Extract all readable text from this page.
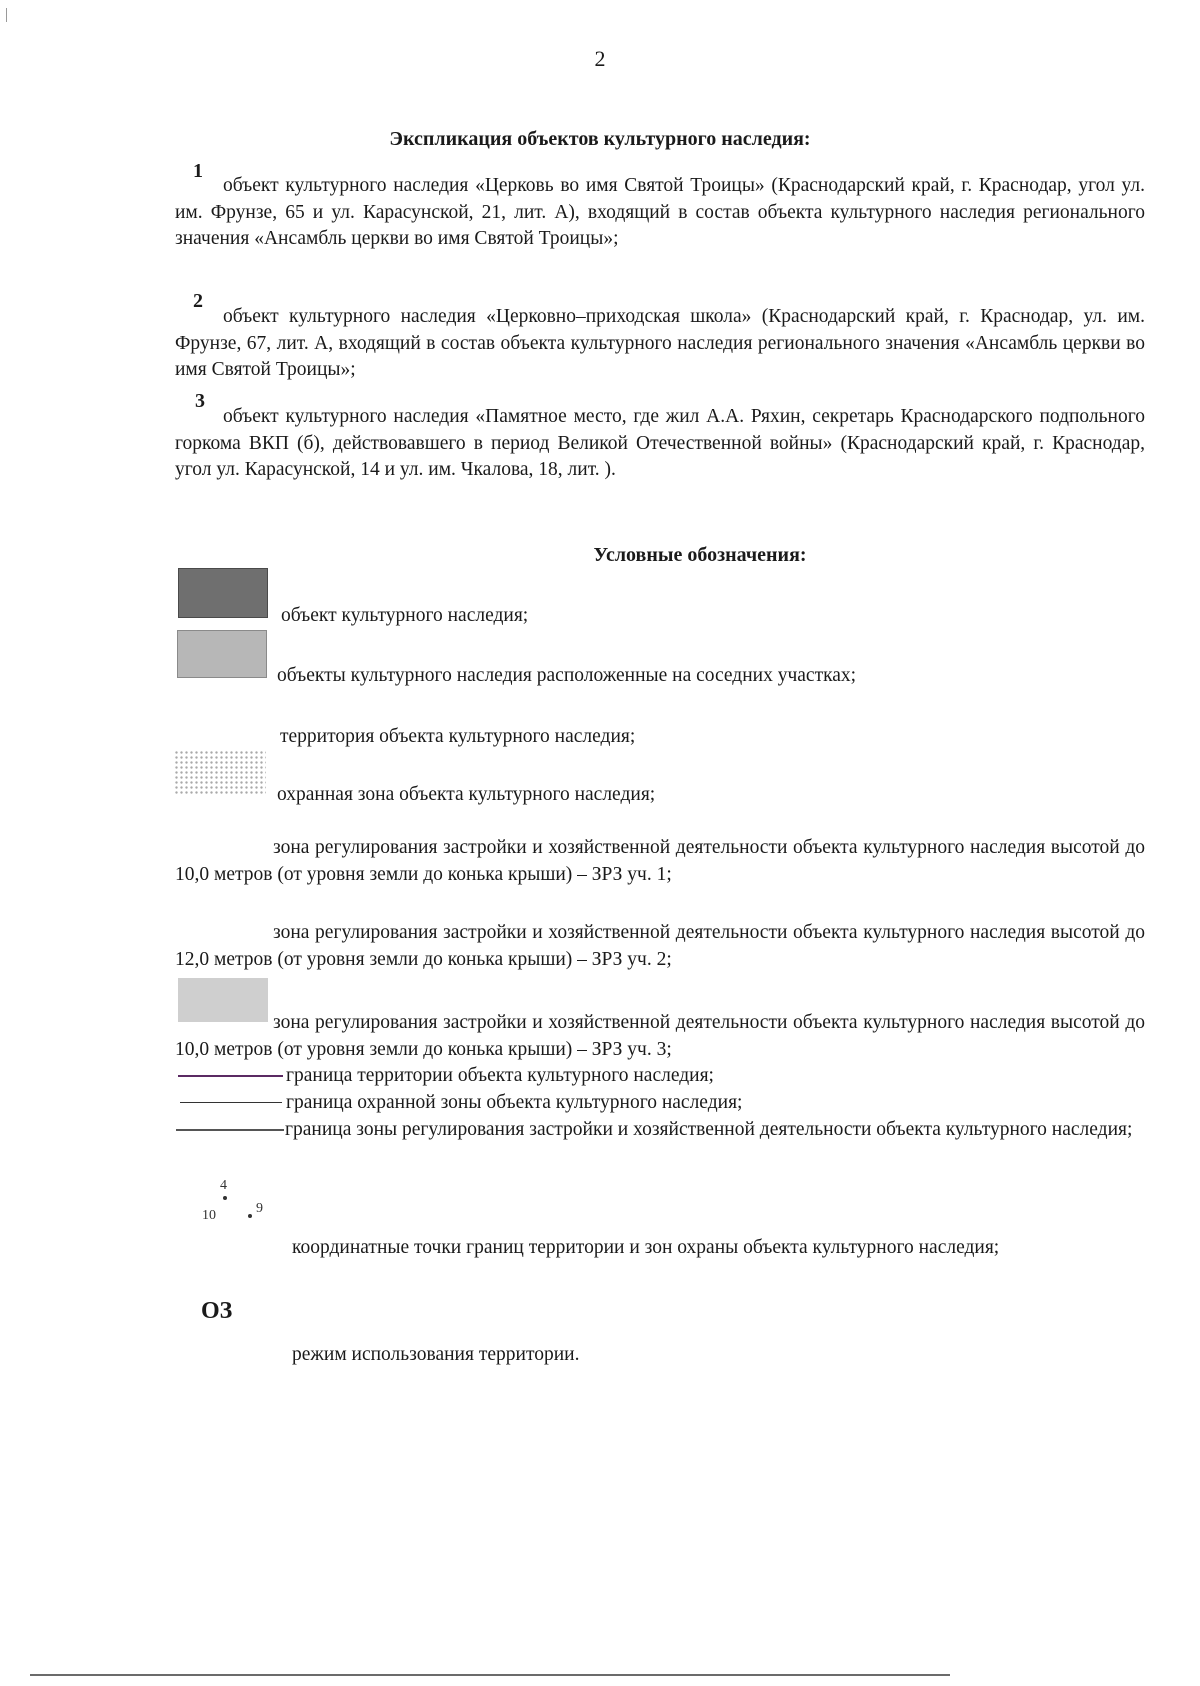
2
Экспликация объектов культурного наследия:
1
объект культурного наследия «Церковь во имя Святой Троицы» (Краснодарский край, г. Краснодар, угол ул. им. Фрунзе, 65 и ул. Карасунской, 21, лит. А), входящий в состав объекта культурного наследия регионального значения «Ансамбль церкви во имя Святой Троицы»;
2
объект культурного наследия «Церковно–приходская школа» (Краснодарский край, г. Краснодар, ул. им. Фрунзе, 67, лит. А, входящий в состав объекта культурного наследия регионального значения «Ансамбль церкви во имя Святой Троицы»;
3
объект культурного наследия «Памятное место, где жил А.А. Ряхин, секретарь Краснодарского подпольного горкома ВКП (б), действовавшего в период Великой Отечественной войны» (Краснодарский край, г. Краснодар, угол ул. Карасунской, 14 и ул. им. Чкалова, 18, лит. ).
Условные обозначения:
объект культурного наследия;
объекты культурного наследия расположенные на соседних участках;
территория объекта культурного наследия;
охранная зона объекта культурного наследия;
зона регулирования застройки и хозяйственной деятельности объекта культурного наследия высотой до 10,0 метров (от уровня земли до конька крыши) – ЗРЗ уч. 1;
зона регулирования застройки и хозяйственной деятельности объекта культурного наследия высотой до 12,0 метров (от уровня земли до конька крыши) – ЗРЗ уч. 2;
зона регулирования застройки и хозяйственной деятельности объекта культурного наследия высотой до 10,0 метров (от уровня земли до конька крыши) – ЗРЗ уч. 3;
граница территории объекта культурного наследия;
граница охранной зоны объекта культурного наследия;
граница зоны регулирования застройки и хозяйственной деятельности объекта культурного наследия;
4
10	9
координатные точки границ территории и зон охраны объекта культурного наследия;
ОЗ
режим использования территории.
